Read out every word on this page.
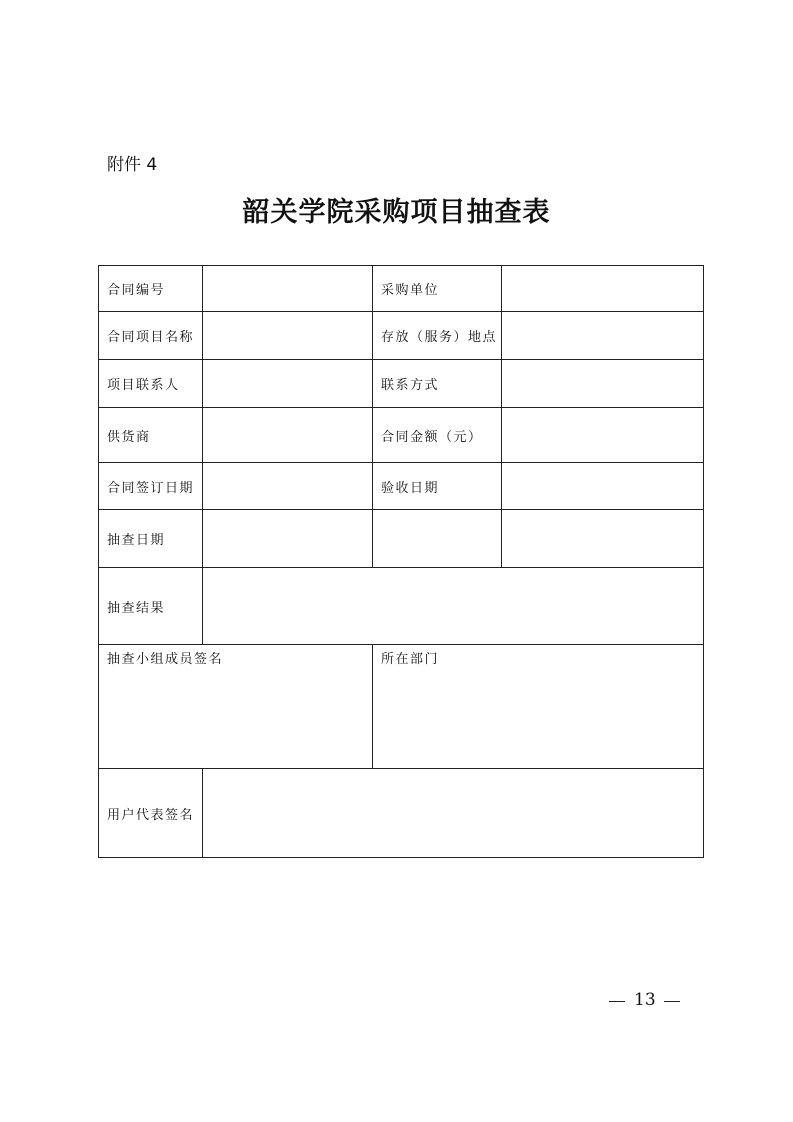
附件 4
韶关学院采购项目抽查表
合同编号		采购单位	
合同项目名称		存放（服务）地点	
项目联系人		联系方式	
供货商		合同金额（元）	
合同签订日期		验收日期	
抽查日期			
抽查结果			
抽查小组成员签名		所在部门	
用户代表签名			
13
